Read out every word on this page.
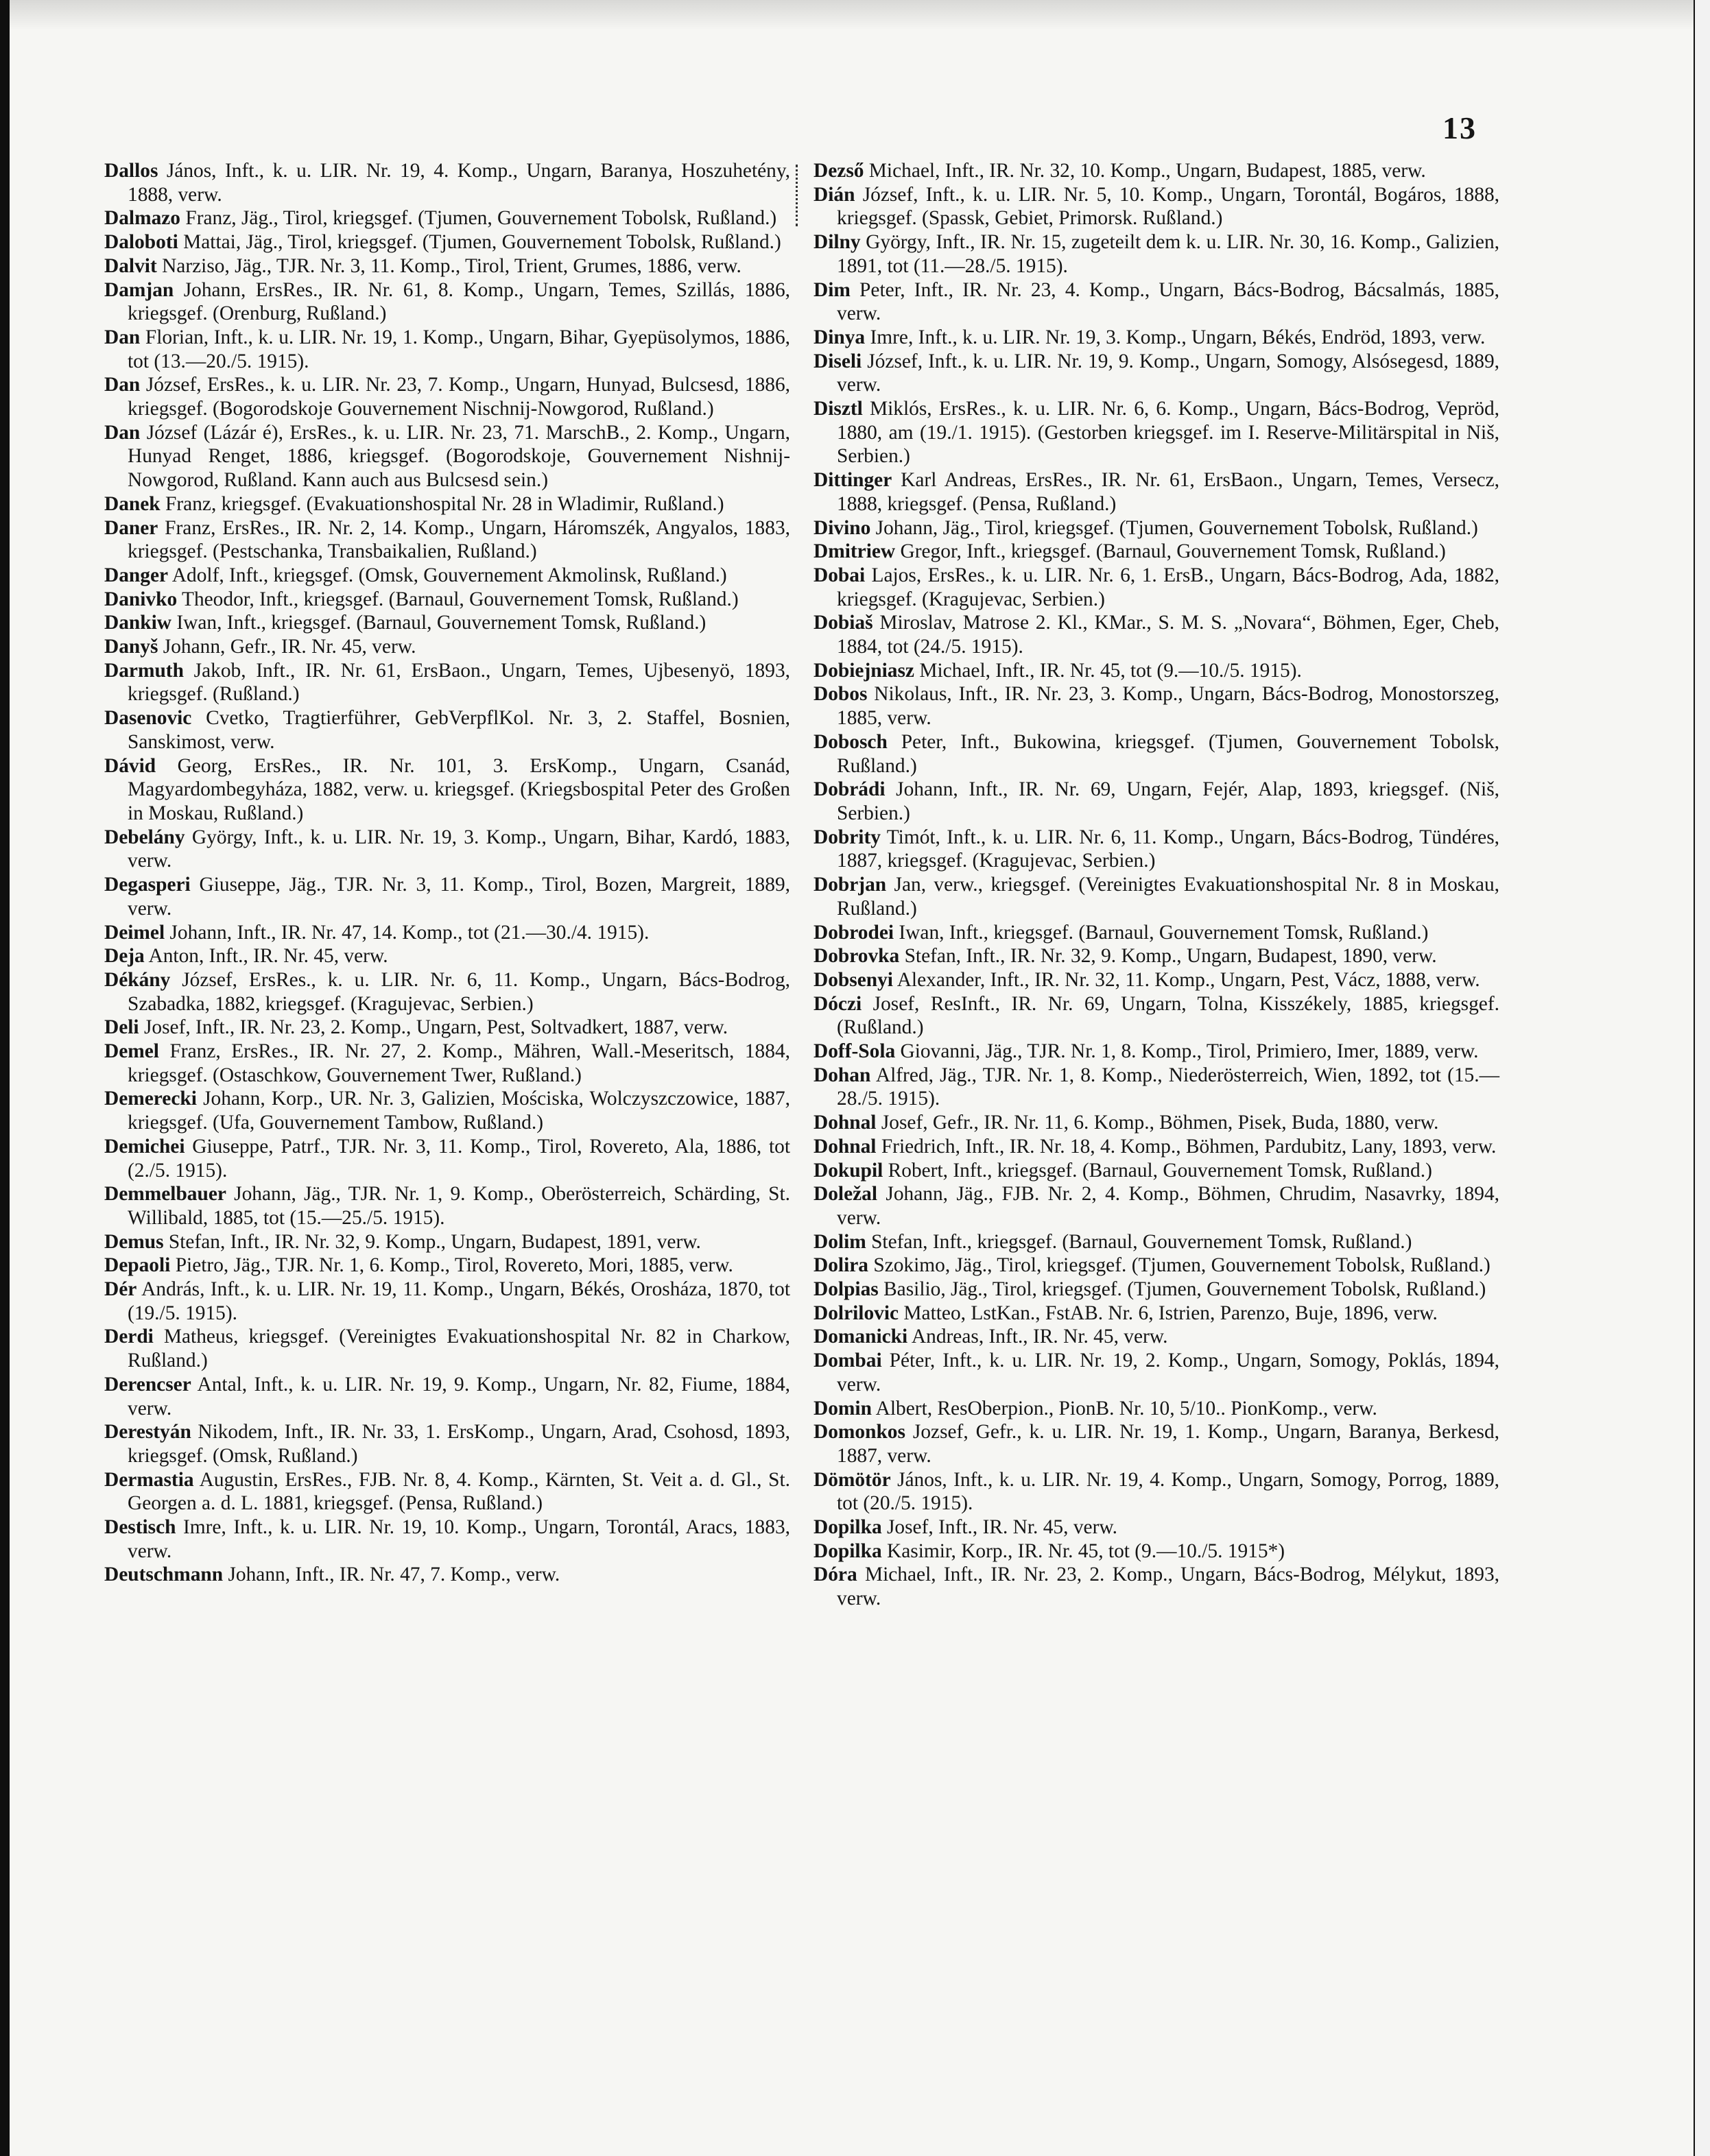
13

Dallos János, Inft., k. u. LIR. Nr. 19, 4. Komp., Ungarn, Baranya, Hoszuhetény, 1888, verw.

Dalmazo Franz, Jäg., Tirol, kriegsgef. (Tjumen, Gouvernement Tobolsk, Rußland.)

Daloboti Mattai, Jäg., Tirol, kriegsgef. (Tjumen, Gouvernement Tobolsk, Rußland.)

Dalvit Narziso, Jäg., TJR. Nr. 3, 11. Komp., Tirol, Trient, Grumes, 1886, verw.

Damjan Johann, ErsRes., IR. Nr. 61, 8. Komp., Ungarn, Temes, Szillás, 1886, kriegsgef. (Orenburg, Rußland.)

Dan Florian, Inft., k. u. LIR. Nr. 19, 1. Komp., Ungarn, Bihar, Gyepüsolymos, 1886, tot (13.—20./5. 1915).

Dan József, ErsRes., k. u. LIR. Nr. 23, 7. Komp., Ungarn, Hunyad, Bulcsesd, 1886, kriegsgef. (Bogorodskoje Gouvernement Nischnij-Nowgorod, Rußland.)

Dan József (Lázár é), ErsRes., k. u. LIR. Nr. 23, 71. MarschB., 2. Komp., Ungarn, Hunyad Renget, 1886, kriegsgef. (Bogorodskoje, Gouvernement Nishnij-Nowgorod, Rußland. Kann auch aus Bulcsesd sein.)

Danek Franz, kriegsgef. (Evakuationshospital Nr. 28 in Wladimir, Rußland.)

Daner Franz, ErsRes., IR. Nr. 2, 14. Komp., Ungarn, Háromszék, Angyalos, 1883, kriegsgef. (Pestschanka, Transbaikalien, Rußland.)

Danger Adolf, Inft., kriegsgef. (Omsk, Gouvernement Akmolinsk, Rußland.)

Danivko Theodor, Inft., kriegsgef. (Barnaul, Gouvernement Tomsk, Rußland.)

Dankiw Iwan, Inft., kriegsgef. (Barnaul, Gouvernement Tomsk, Rußland.)

Danyš Johann, Gefr., IR. Nr. 45, verw.

Darmuth Jakob, Inft., IR. Nr. 61, ErsBaon., Ungarn, Temes, Ujbesenyö, 1893, kriegsgef. (Rußland.)

Dasenovic Cvetko, Tragtierführer, GebVerpflKol. Nr. 3, 2. Staffel, Bosnien, Sanskimost, verw.

Dávid Georg, ErsRes., IR. Nr. 101, 3. ErsKomp., Ungarn, Csanád, Magyardombegyháza, 1882, verw. u. kriegsgef. (Kriegsbospital Peter des Großen in Moskau, Rußland.)

Debelány György, Inft., k. u. LIR. Nr. 19, 3. Komp., Ungarn, Bihar, Kardó, 1883, verw.

Degasperi Giuseppe, Jäg., TJR. Nr. 3, 11. Komp., Tirol, Bozen, Margreit, 1889, verw.

Deimel Johann, Inft., IR. Nr. 47, 14. Komp., tot (21.—30./4. 1915).

Deja Anton, Inft., IR. Nr. 45, verw.

Dékány József, ErsRes., k. u. LIR. Nr. 6, 11. Komp., Ungarn, Bács-Bodrog, Szabadka, 1882, kriegsgef. (Kragujevac, Serbien.)

Deli Josef, Inft., IR. Nr. 23, 2. Komp., Ungarn, Pest, Soltvadkert, 1887, verw.

Demel Franz, ErsRes., IR. Nr. 27, 2. Komp., Mähren, Wall.-Meseritsch, 1884, kriegsgef. (Ostaschkow, Gouvernement Twer, Rußland.)

Demerecki Johann, Korp., UR. Nr. 3, Galizien, Mościska, Wolczyszczowice, 1887, kriegsgef. (Ufa, Gouvernement Tambow, Rußland.)

Demichei Giuseppe, Patrf., TJR. Nr. 3, 11. Komp., Tirol, Rovereto, Ala, 1886, tot (2./5. 1915).

Demmelbauer Johann, Jäg., TJR. Nr. 1, 9. Komp., Oberösterreich, Schärding, St. Willibald, 1885, tot (15.—25./5. 1915).

Demus Stefan, Inft., IR. Nr. 32, 9. Komp., Ungarn, Budapest, 1891, verw.

Depaoli Pietro, Jäg., TJR. Nr. 1, 6. Komp., Tirol, Rovereto, Mori, 1885, verw.

Dér András, Inft., k. u. LIR. Nr. 19, 11. Komp., Ungarn, Békés, Orosháza, 1870, tot (19./5. 1915).

Derdi Matheus, kriegsgef. (Vereinigtes Evakuationshospital Nr. 82 in Charkow, Rußland.)

Derencser Antal, Inft., k. u. LIR. Nr. 19, 9. Komp., Ungarn, Nr. 82, Fiume, 1884, verw.

Derestyán Nikodem, Inft., IR. Nr. 33, 1. ErsKomp., Ungarn, Arad, Csohosd, 1893, kriegsgef. (Omsk, Rußland.)

Dermastia Augustin, ErsRes., FJB. Nr. 8, 4. Komp., Kärnten, St. Veit a. d. Gl., St. Georgen a. d. L. 1881, kriegsgef. (Pensa, Rußland.)

Destisch Imre, Inft., k. u. LIR. Nr. 19, 10. Komp., Ungarn, Torontál, Aracs, 1883, verw.

Deutschmann Johann, Inft., IR. Nr. 47, 7. Komp., verw.

Dezső Michael, Inft., IR. Nr. 32, 10. Komp., Ungarn, Budapest, 1885, verw.

Dián József, Inft., k. u. LIR. Nr. 5, 10. Komp., Ungarn, Torontál, Bogáros, 1888, kriegsgef. (Spassk, Gebiet, Primorsk. Rußland.)

Dilny György, Inft., IR. Nr. 15, zugeteilt dem k. u. LIR. Nr. 30, 16. Komp., Galizien, 1891, tot (11.—28./5. 1915).

Dim Peter, Inft., IR. Nr. 23, 4. Komp., Ungarn, Bács-Bodrog, Bácsalmás, 1885, verw.

Dinya Imre, Inft., k. u. LIR. Nr. 19, 3. Komp., Ungarn, Békés, Endröd, 1893, verw.

Diseli József, Inft., k. u. LIR. Nr. 19, 9. Komp., Ungarn, Somogy, Alsósegesd, 1889, verw.

Disztl Miklós, ErsRes., k. u. LIR. Nr. 6, 6. Komp., Ungarn, Bács-Bodrog, Vepröd, 1880, am (19./1. 1915). (Gestorben kriegsgef. im I. Reserve-Militärspital in Niš, Serbien.)

Dittinger Karl Andreas, ErsRes., IR. Nr. 61, ErsBaon., Ungarn, Temes, Versecz, 1888, kriegsgef. (Pensa, Rußland.)

Divino Johann, Jäg., Tirol, kriegsgef. (Tjumen, Gouvernement Tobolsk, Rußland.)

Dmitriew Gregor, Inft., kriegsgef. (Barnaul, Gouvernement Tomsk, Rußland.)

Dobai Lajos, ErsRes., k. u. LIR. Nr. 6, 1. ErsB., Ungarn, Bács-Bodrog, Ada, 1882, kriegsgef. (Kragujevac, Serbien.)

Dobiaš Miroslav, Matrose 2. Kl., KMar., S. M. S. „Novara“, Böhmen, Eger, Cheb, 1884, tot (24./5. 1915).

Dobiejniasz Michael, Inft., IR. Nr. 45, tot (9.—10./5. 1915).

Dobos Nikolaus, Inft., IR. Nr. 23, 3. Komp., Ungarn, Bács-Bodrog, Monostorszeg, 1885, verw.

Dobosch Peter, Inft., Bukowina, kriegsgef. (Tjumen, Gouvernement Tobolsk, Rußland.)

Dobrádi Johann, Inft., IR. Nr. 69, Ungarn, Fejér, Alap, 1893, kriegsgef. (Niš, Serbien.)

Dobrity Timót, Inft., k. u. LIR. Nr. 6, 11. Komp., Ungarn, Bács-Bodrog, Tündéres, 1887, kriegsgef. (Kragujevac, Serbien.)

Dobrjan Jan, verw., kriegsgef. (Vereinigtes Evakuationshospital Nr. 8 in Moskau, Rußland.)

Dobrodei Iwan, Inft., kriegsgef. (Barnaul, Gouvernement Tomsk, Rußland.)

Dobrovka Stefan, Inft., IR. Nr. 32, 9. Komp., Ungarn, Budapest, 1890, verw.

Dobsenyi Alexander, Inft., IR. Nr. 32, 11. Komp., Ungarn, Pest, Vácz, 1888, verw.

Dóczi Josef, ResInft., IR. Nr. 69, Ungarn, Tolna, Kisszékely, 1885, kriegsgef. (Rußland.)

Doff-Sola Giovanni, Jäg., TJR. Nr. 1, 8. Komp., Tirol, Primiero, Imer, 1889, verw.

Dohan Alfred, Jäg., TJR. Nr. 1, 8. Komp., Niederösterreich, Wien, 1892, tot (15.—28./5. 1915).

Dohnal Josef, Gefr., IR. Nr. 11, 6. Komp., Böhmen, Pisek, Buda, 1880, verw.

Dohnal Friedrich, Inft., IR. Nr. 18, 4. Komp., Böhmen, Pardubitz, Lany, 1893, verw.

Dokupil Robert, Inft., kriegsgef. (Barnaul, Gouvernement Tomsk, Rußland.)

Doležal Johann, Jäg., FJB. Nr. 2, 4. Komp., Böhmen, Chrudim, Nasavrky, 1894, verw.

Dolim Stefan, Inft., kriegsgef. (Barnaul, Gouvernement Tomsk, Rußland.)

Dolira Szokimo, Jäg., Tirol, kriegsgef. (Tjumen, Gouvernement Tobolsk, Rußland.)

Dolpias Basilio, Jäg., Tirol, kriegsgef. (Tjumen, Gouvernement Tobolsk, Rußland.)

Dolrilovic Matteo, LstKan., FstAB. Nr. 6, Istrien, Parenzo, Buje, 1896, verw.

Domanicki Andreas, Inft., IR. Nr. 45, verw.

Dombai Péter, Inft., k. u. LIR. Nr. 19, 2. Komp., Ungarn, Somogy, Poklás, 1894, verw.

Domin Albert, ResOberpion., PionB. Nr. 10, 5/10.. PionKomp., verw.

Domonkos Jozsef, Gefr., k. u. LIR. Nr. 19, 1. Komp., Ungarn, Baranya, Berkesd, 1887, verw.

Dömötör János, Inft., k. u. LIR. Nr. 19, 4. Komp., Ungarn, Somogy, Porrog, 1889, tot (20./5. 1915).

Dopilka Josef, Inft., IR. Nr. 45, verw.

Dopilka Kasimir, Korp., IR. Nr. 45, tot (9.—10./5. 1915*)

Dóra Michael, Inft., IR. Nr. 23, 2. Komp., Ungarn, Bács-Bodrog, Mélykut, 1893, verw.
